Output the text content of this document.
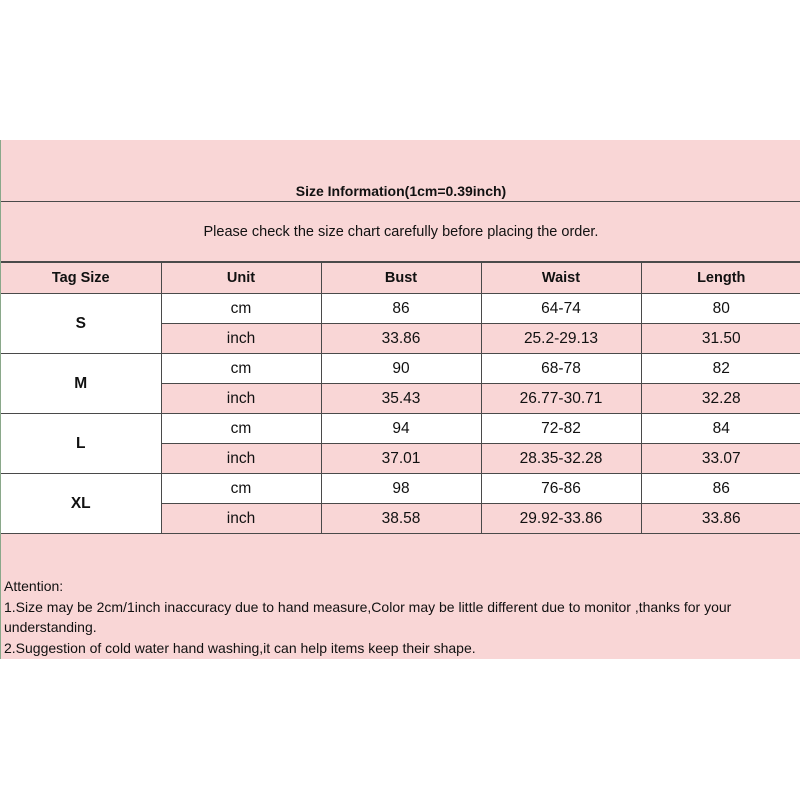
Size Information(1cm=0.39inch)
Please check the size chart carefully before placing the order.
Tag Size	Unit	Bust	Waist	Length
S	cm	86	64-74	80
	inch	33.86	25.2-29.13	31.50
M	cm	90	68-78	82
	inch	35.43	26.77-30.71	32.28
L	cm	94	72-82	84
	inch	37.01	28.35-32.28	33.07
XL	cm	98	76-86	86
	inch	38.58	29.92-33.86	33.86
Attention:
1.Size may be 2cm/1inch inaccuracy due to hand measure,Color may be little different due to monitor ,thanks for your understanding.
2.Suggestion of cold water hand washing,it can help items keep their shape.
